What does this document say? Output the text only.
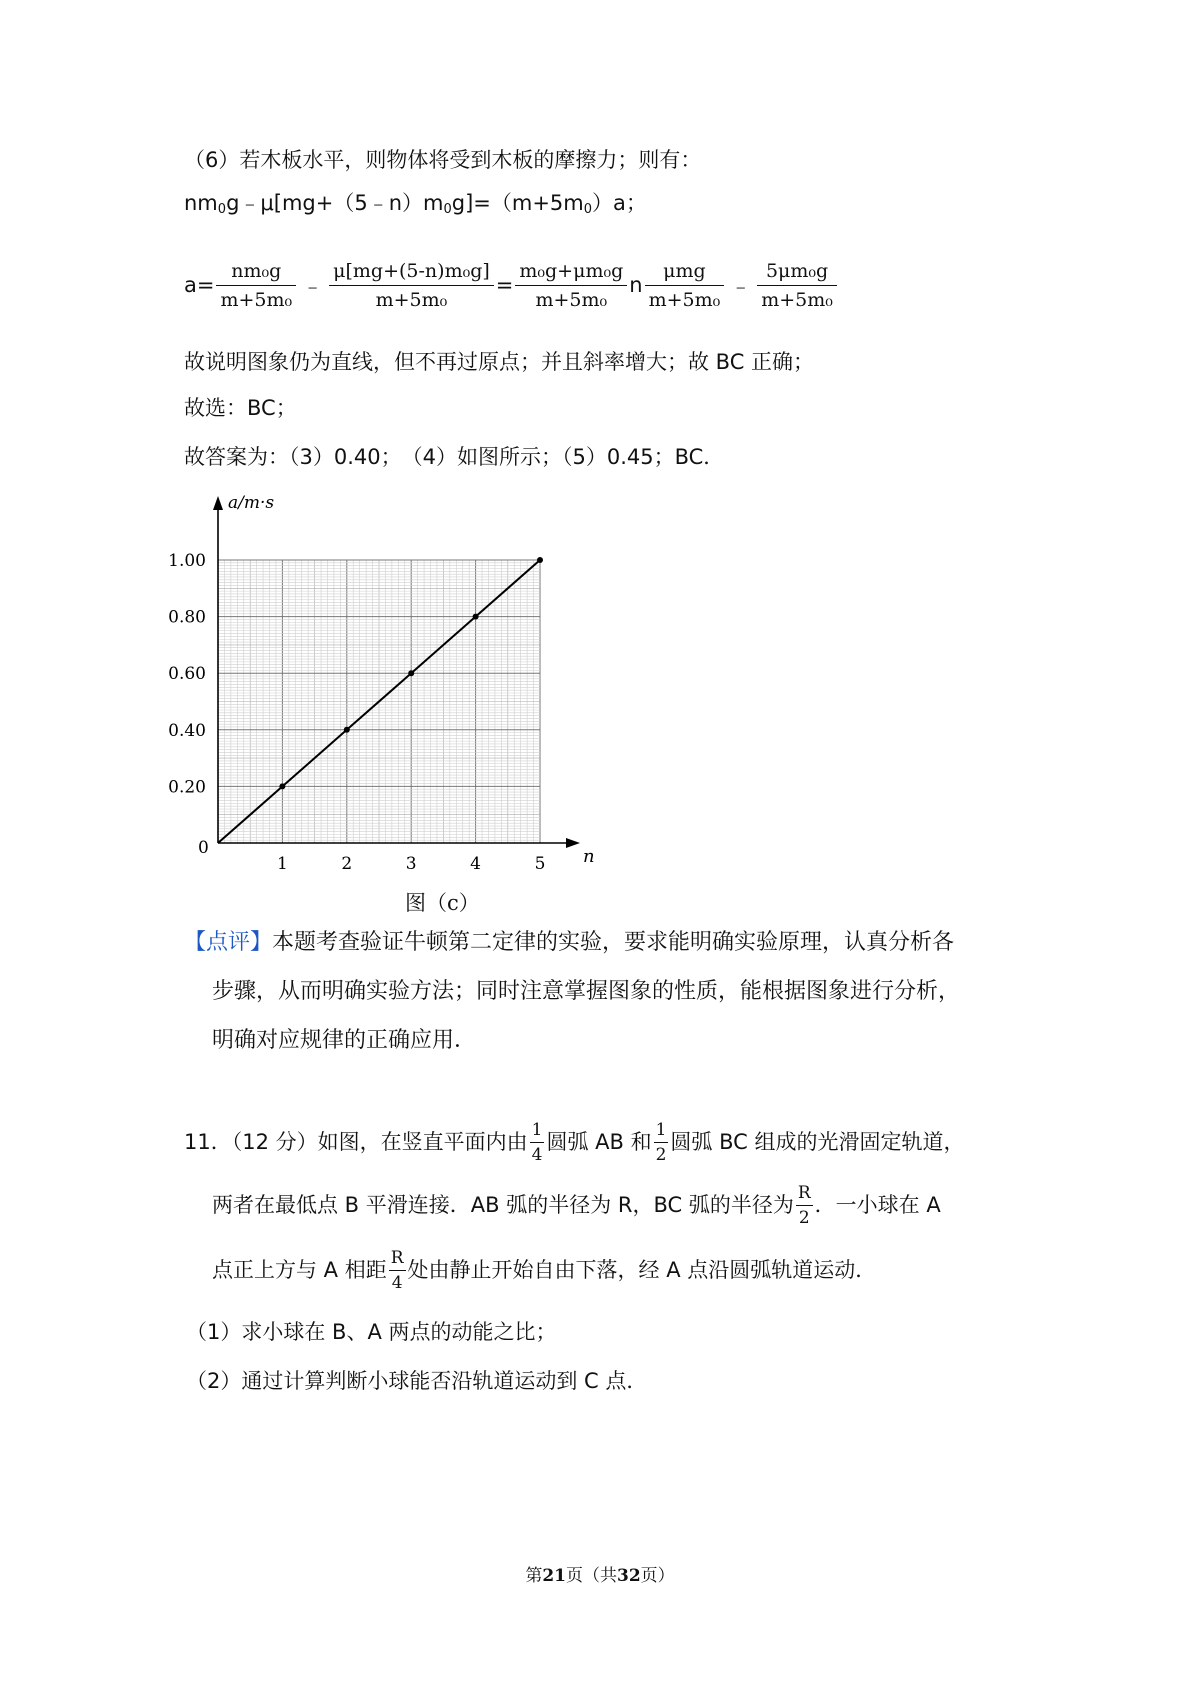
（6）若木板水平，则物体将受到木板的摩擦力；则有：
$nm_0g﹣\mu[mg+(5﹣n)m_0g]=(m+5m_0)a$；
$a= \frac{\text{nm₀g}}{\text{m+5m₀}}$ ﹣ $\frac{\text{μ[mg+(5-n)m₀g]}}{\text{m+5m₀}} = \frac{\text{m₀g+μm₀g}}{\text{m+5m₀}}$ n $\frac{\text{μmg}}{\text{m+5m₀}}$ ﹣ $\frac{\text{5μm₀g}}{\text{m+5m₀}}$
故说明图象仍为直线，但不再过原点；并且斜率增大；故 BC 正确；
故选：BC；
故答案为：（3）0.40；　（4）如图所示；（5）0.45；BC．
a/m·s
n
0
1	2	3	4	5
0.20
0.40
0.60
0.80
1.00
图（c）
【点评】本题考查验证牛顿第二定律的实验，要求能明确实验原理，认真分析各
步骤，从而明确实验方法；同时注意掌握图象的性质，能根据图象进行分析，
明确对应规律的正确应用．
11．（12 分）如图，在竖直平面内由 $\frac{1}{4}$ 圆弧 AB 和 $\frac{1}{2}$ 圆弧 BC 组成的光滑固定轨道，
两者在最低点 B 平滑连接．AB 弧的半径为 R，BC 弧的半径为 $\frac{R}{2}$ ．一小球在 A
点正上方与 A 相距 $\frac{R}{4}$ 处由静止开始自由下落，经 A 点沿圆弧轨道运动．
（1）求小球在 B、A 两点的动能之比；
（2）通过计算判断小球能否沿轨道运动到 C 点．
第21页（共32页）
